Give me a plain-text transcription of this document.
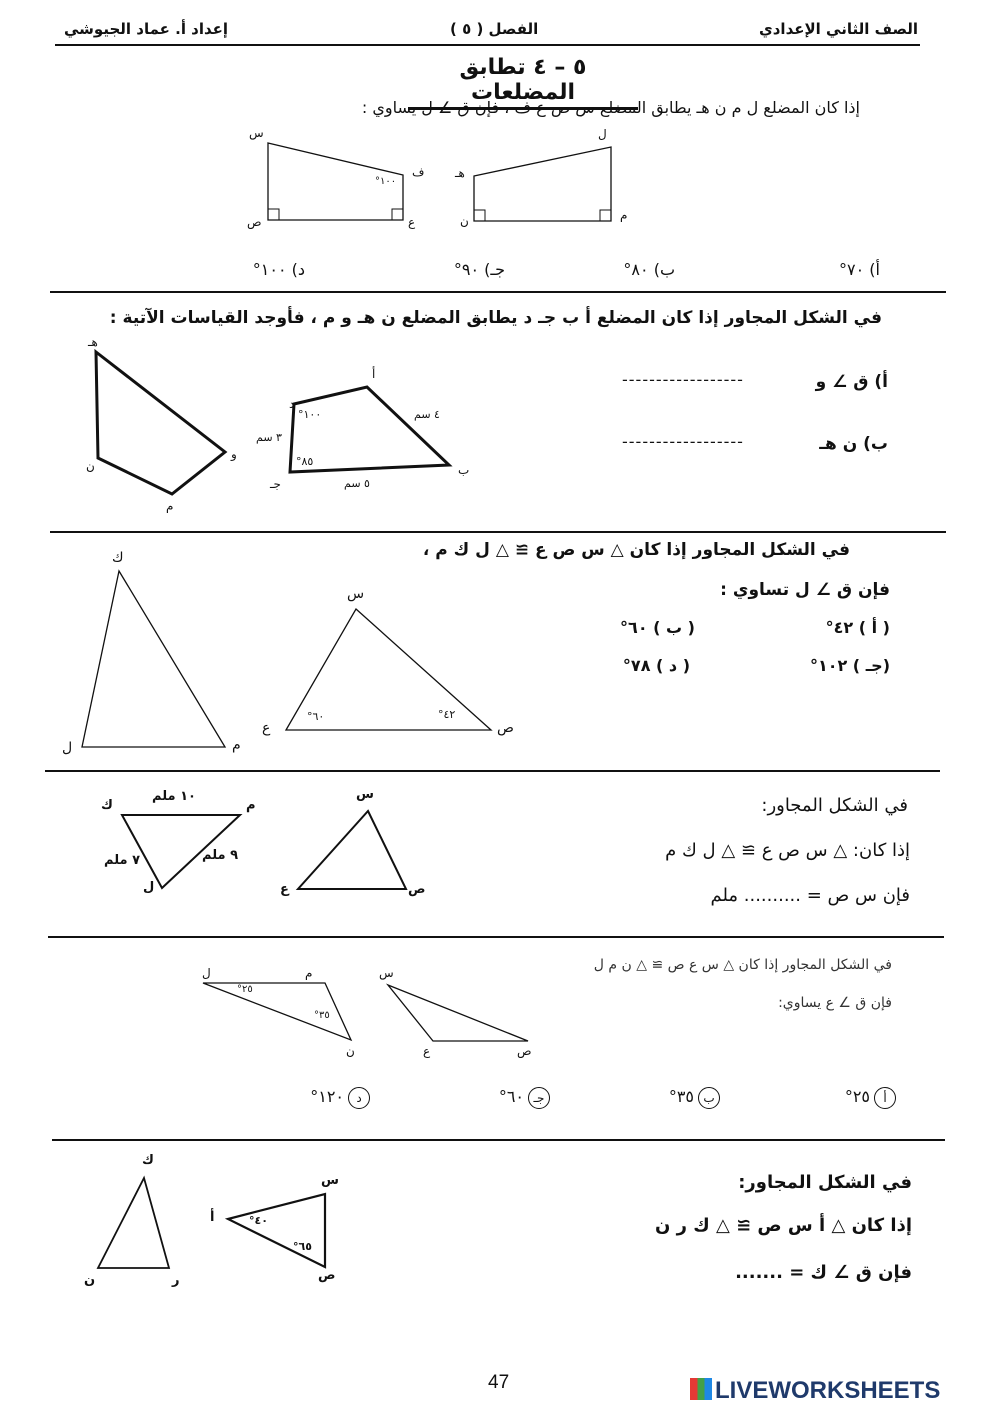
الصف الثاني الإعدادي
الفصل ( ٥ )
إعداد أ. عماد الجيوشي
٥ – ٤ تطابق المضلعات
إذا كان المضلع ل م ن هـ يطابق المضلع س ص ع ف ، فإن ق ∠ ل يساوي :
س
ف
°١٠٠
ص	ع
ل
هـ
ن	م
أ) ٧٠°
ب) ٨٠°
جـ) ٩٠°
د) ١٠٠°
في الشكل المجاور إذا كان المضلع أ ب جـ د يطابق المضلع ن هـ و م ، فأوجد القياسات الآتية :
أ) ق ∠ و
------------------
ب) ن هـ
------------------
هـ
و
ن
م
أ
د
°١٠٠	٤ سم
٣ سم
°٨٥
ب
جـ	٥ سم
في الشكل المجاور إذا كان △ س ص ع ≅ △ ل ك م ،
فإن ق ∠ ل تساوي :
( أ ) ٤٢°
( ب ) ٦٠°
(جـ ) ١٠٢°
( د ) ٧٨°
ك
ل	م
س
ع	ص
°٦٠	°٤٢
في الشكل المجاور:
إذا كان: △ س ص ع ≅ △ ل ك م
فإن س ص = .......... ملم
ك	م
ل
١٠ ملم
٩ ملم
٧ ملم
س
ع	ص
في الشكل المجاور إذا كان △ س ع ص ≅ △ ن م ل
فإن ق ∠ ع يساوي:
ل	م
ن
°٢٥
°٣٥
س
ع	ص
أ٢٥°
ب٣٥°
جـ٦٠°
د١٢٠°
في الشكل المجاور:
إذا كان △ أ س ص ≅ △ ك ر ن
فإن ق ∠ ك = .......
ك
ن	ر
س
أ
ص
°٤٠
°٦٥
47	LIVEWORKSHEETS
